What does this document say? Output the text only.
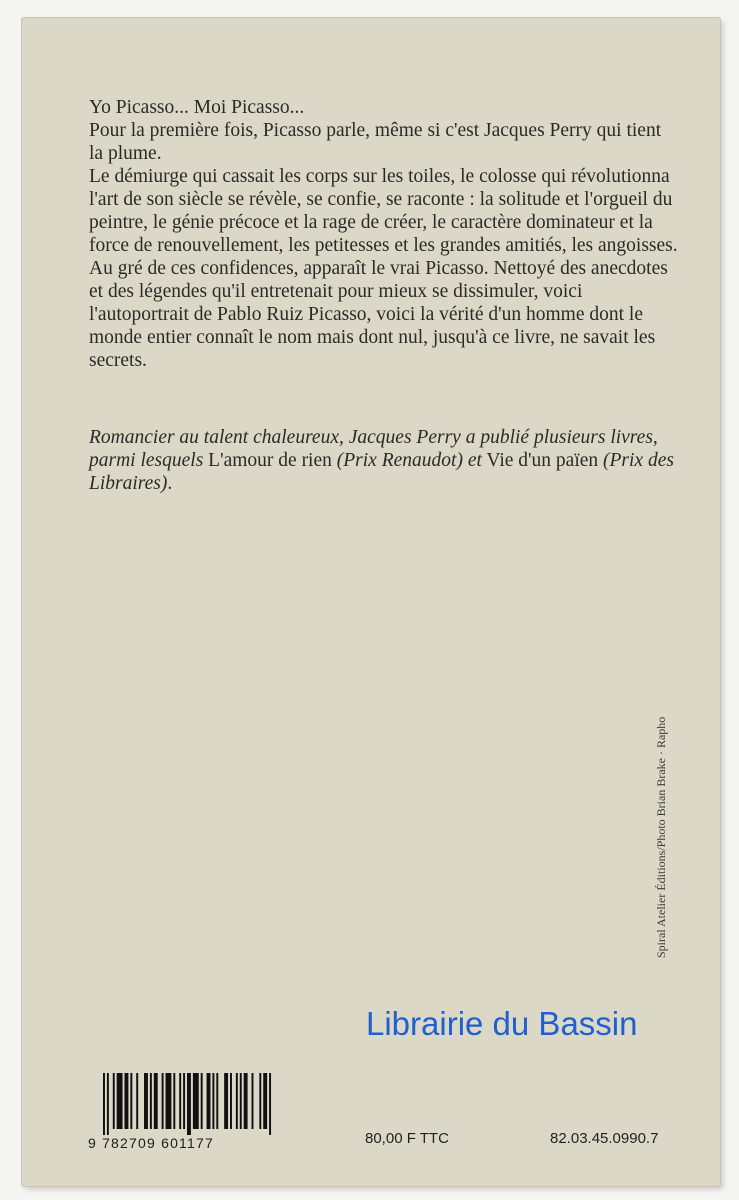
Yo Picasso... Moi Picasso...

Pour la première fois, Picasso parle, même si c'est Jacques Perry qui tient la plume.

Le démiurge qui cassait les corps sur les toiles, le colosse qui révolutionna l'art de son siècle se révèle, se confie, se raconte : la solitude et l'orgueil du peintre, le génie précoce et la rage de créer, le caractère dominateur et la force de renouvellement, les petitesses et les grandes amitiés, les angoisses.

Au gré de ces confidences, apparaît le vrai Picasso. Nettoyé des anecdotes et des légendes qu'il entretenait pour mieux se dissimuler, voici l'autoportrait de Pablo Ruiz Picasso, voici la vérité d'un homme dont le monde entier connaît le nom mais dont nul, jusqu'à ce livre, ne savait les secrets.

Romancier au talent chaleureux, Jacques Perry a publié plusieurs livres, parmi lesquels L'amour de rien (Prix Renaudot) et Vie d'un païen (Prix des Libraires).
Spiral Atelier Éditions/Photo Brian Brake · Rapho
Librairie du Bassin
9 782709 601177	80,00 F TTC	82.03.45.0990.7
